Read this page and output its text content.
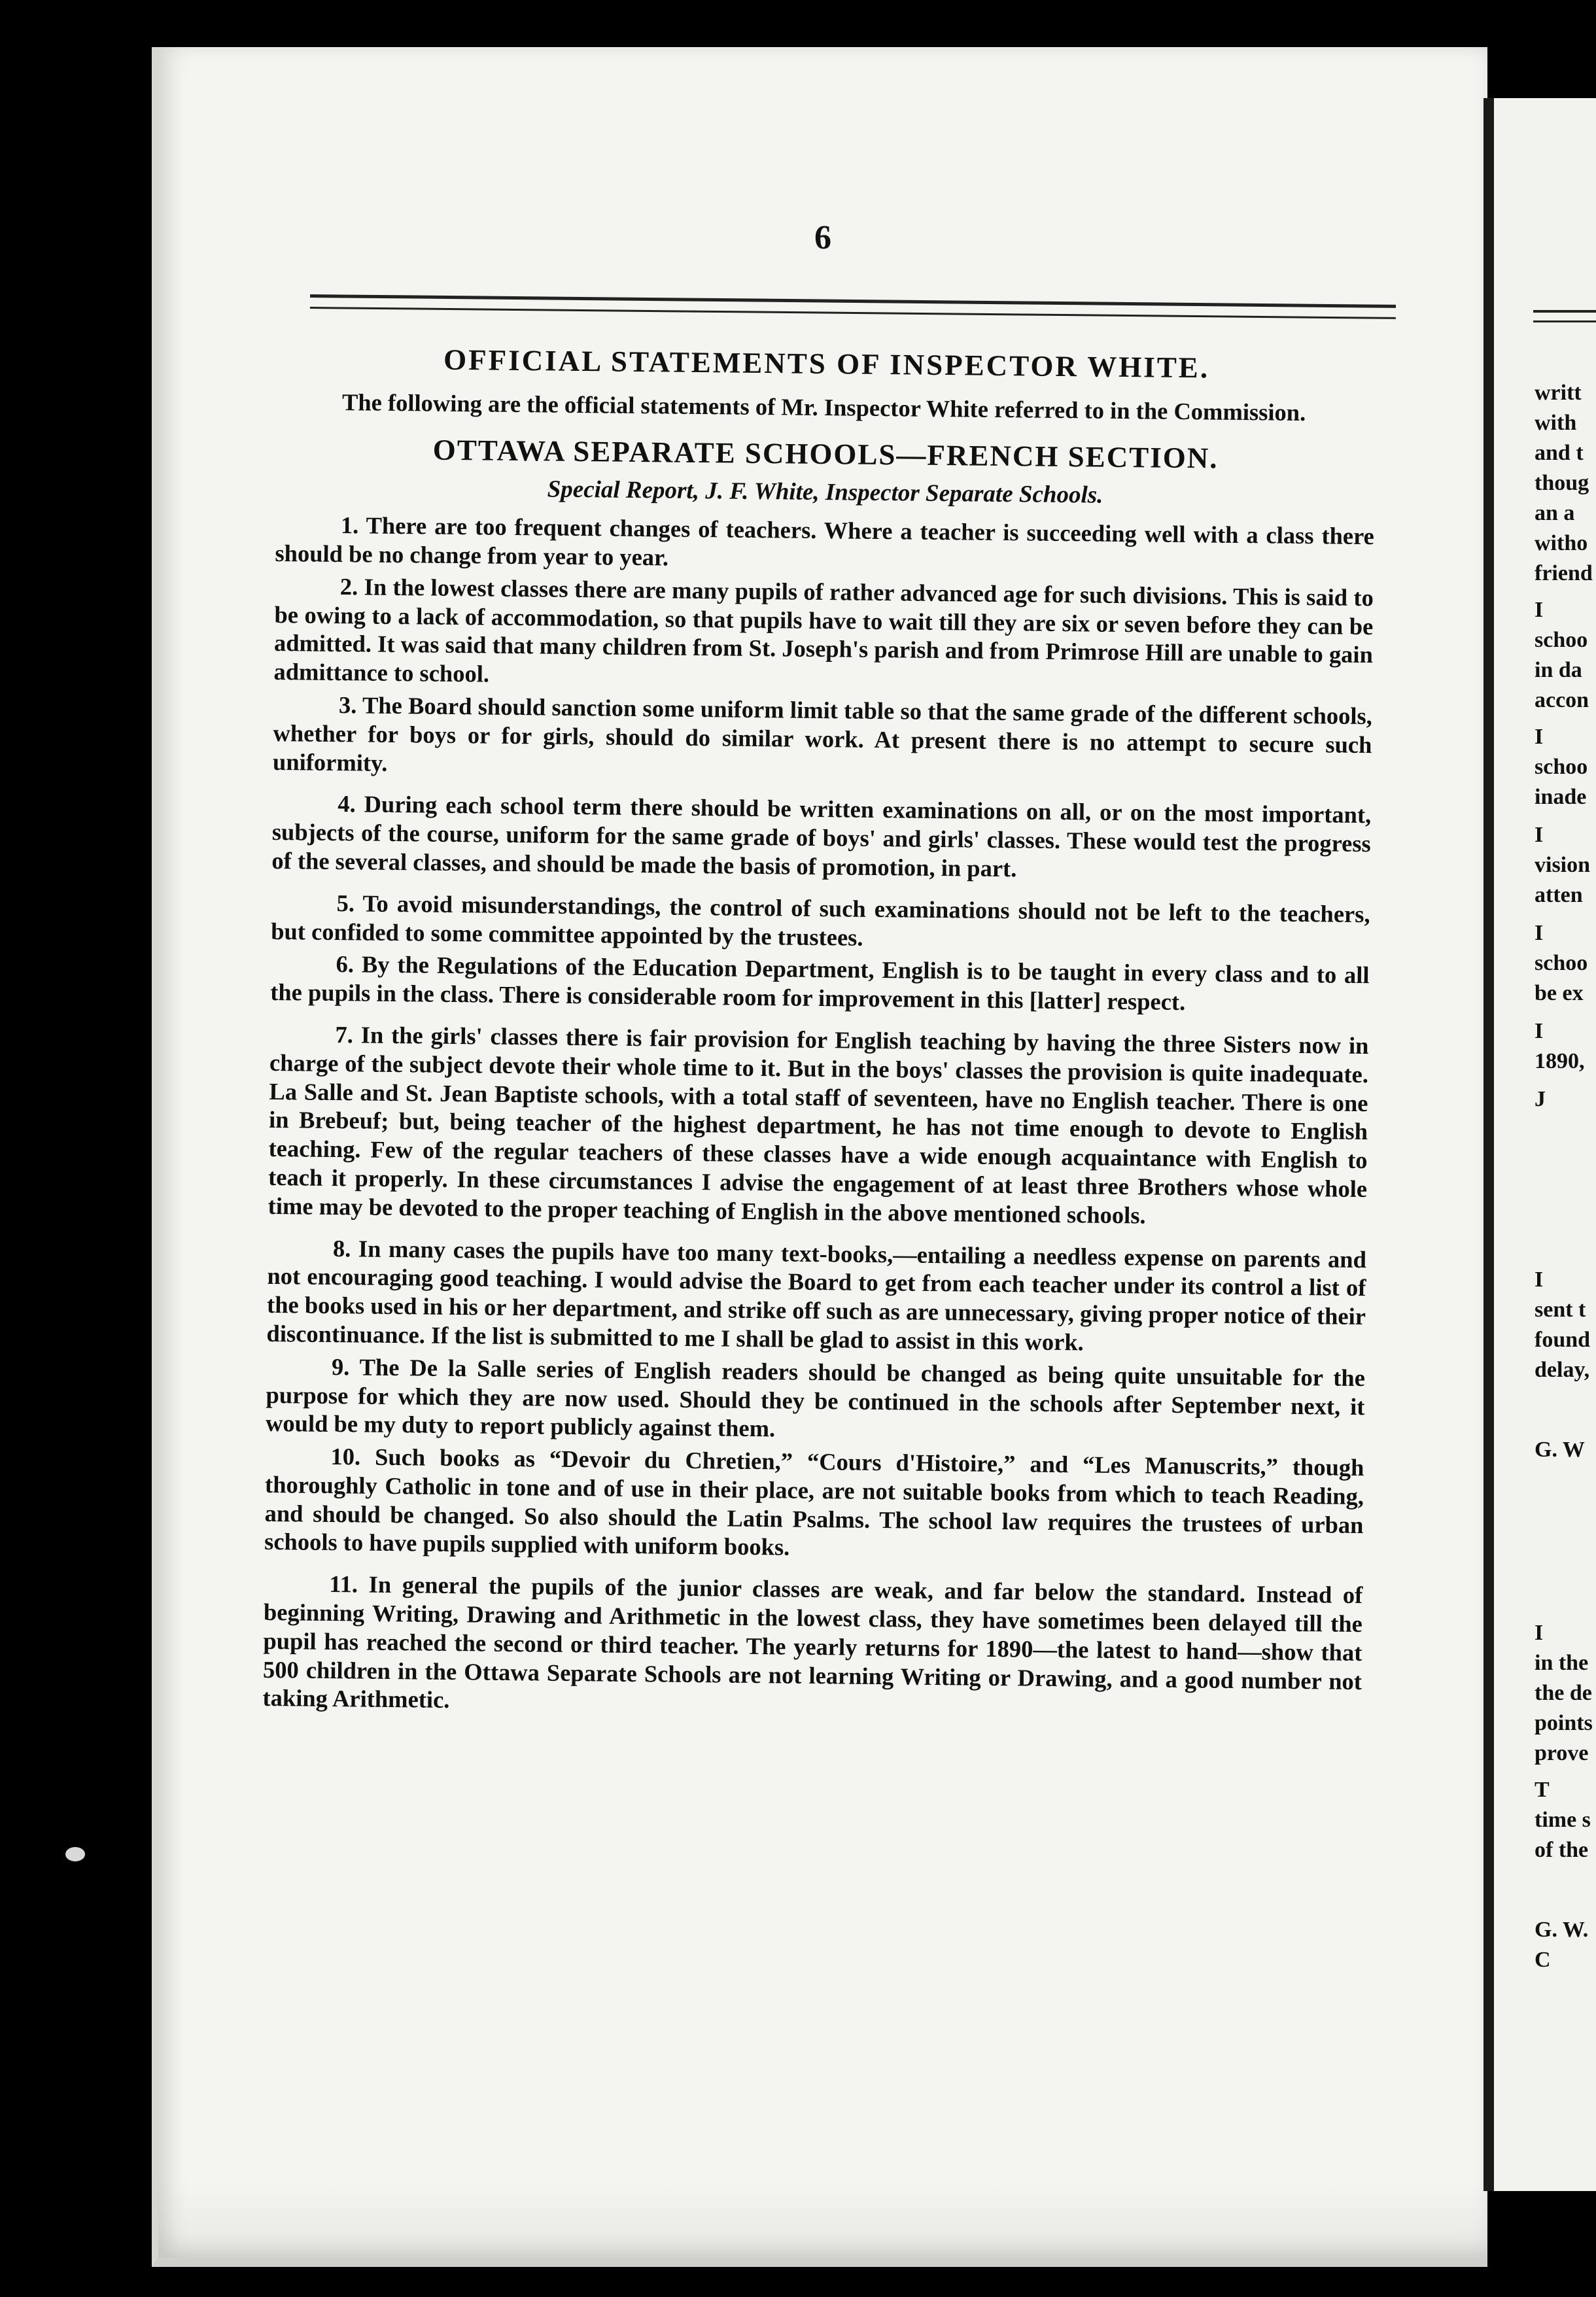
6
OFFICIAL STATEMENTS OF INSPECTOR WHITE.

The following are the official statements of Mr. Inspector White referred to in the Commission.

OTTAWA SEPARATE SCHOOLS—FRENCH SECTION.
Special Report, J. F. White, Inspector Separate Schools.

1. There are too frequent changes of teachers. Where a teacher is succeeding well with a class there should be no change from year to year.

2. In the lowest classes there are many pupils of rather advanced age for such divisions. This is said to be owing to a lack of accommodation, so that pupils have to wait till they are six or seven before they can be admitted. It was said that many children from St. Joseph's parish and from Primrose Hill are unable to gain admittance to school.

3. The Board should sanction some uniform limit table so that the same grade of the different schools, whether for boys or for girls, should do similar work. At present there is no attempt to secure such uniformity.

4. During each school term there should be written examinations on all, or on the most important, subjects of the course, uniform for the same grade of boys' and girls' classes. These would test the progress of the several classes, and should be made the basis of promotion, in part.

5. To avoid misunderstandings, the control of such examinations should not be left to the teachers, but confided to some committee appointed by the trustees.

6. By the Regulations of the Education Department, English is to be taught in every class and to all the pupils in the class. There is considerable room for improvement in this [latter] respect.

7. In the girls' classes there is fair provision for English teaching by having the three Sisters now in charge of the subject devote their whole time to it. But in the boys' classes the provision is quite inadequate. La Salle and St. Jean Baptiste schools, with a total staff of seventeen, have no English teacher. There is one in Brebeuf; but, being teacher of the highest department, he has not time enough to devote to English teaching. Few of the regular teachers of these classes have a wide enough acquaintance with English to teach it properly. In these circumstances I advise the engagement of at least three Brothers whose whole time may be devoted to the proper teaching of English in the above mentioned schools.

8. In many cases the pupils have too many text-books,—entailing a needless expense on parents and not encouraging good teaching. I would advise the Board to get from each teacher under its control a list of the books used in his or her department, and strike off such as are unnecessary, giving proper notice of their discontinuance. If the list is submitted to me I shall be glad to assist in this work.

9. The De la Salle series of English readers should be changed as being quite unsuitable for the purpose for which they are now used. Should they be continued in the schools after September next, it would be my duty to report publicly against them.

10. Such books as “Devoir du Chretien,” “Cours d'Histoire,” and “Les Manuscrits,” though thoroughly Catholic in tone and of use in their place, are not suitable books from which to teach Reading, and should be changed. So also should the Latin Psalms. The school law requires the trustees of urban schools to have pupils supplied with uniform books.

11. In general the pupils of the junior classes are weak, and far below the standard. Instead of beginning Writing, Drawing and Arithmetic in the lowest class, they have sometimes been delayed till the pupil has reached the second or third teacher. The yearly returns for 1890—the latest to hand—show that 500 children in the Ottawa Separate Schools are not learning Writing or Drawing, and a good number not taking Arithmetic.

writt
with
and t
thoug
an a
witho
friend
I
schoo
in da
accon
I
schoo
inade
I
vision
atten
I
schoo
be ex
I
1890,
J
I
sent t
found
delay,
G. W
I
in the
the de
points
prove
T
time s
of the
G. W.
C
